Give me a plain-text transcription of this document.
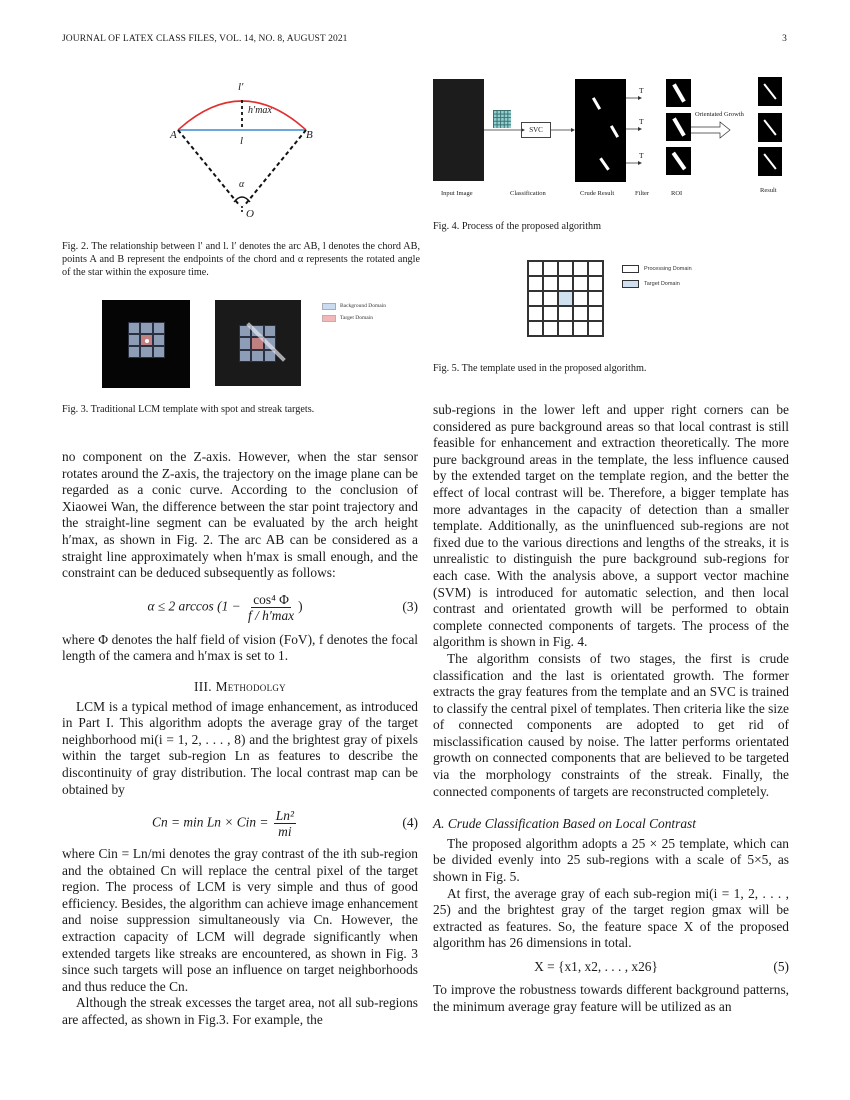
JOURNAL OF LATEX CLASS FILES, VOL. 14, NO. 8, AUGUST 2021	3
l′
h′max
A	B
l
α
O
Fig. 2. The relationship between l′ and l. l′ denotes the arc AB, l denotes the chord AB, points A and B represent the endpoints of the chord and α represents the rotated angle of the star within the exposure time.
Background Domain
Target Domain
Fig. 3. Traditional LCM template with spot and streak targets.
SVC
T
T
T
Orientated Growth
Input Image	Classification	Crude Result	Filter	ROI	Result
Fig. 4. Process of the proposed algorithm
Processing Domain
Target Domain
Fig. 5. The template used in the proposed algorithm.

no component on the Z-axis. However, when the star sensor rotates around the Z-axis, the trajectory on the image plane can be regarded as a conic curve. According to the conclusion of Xiaowei Wan, the difference between the star point trajectory and the straight-line segment can be evaluated by the arch height h′max, as shown in Fig. 2. The arc AB can be considered as a straight line approximately when h′max is small enough, and the constraint can be deduced subsequently as follows:

α ≤ 2 $\arccos (1 - \frac{\text{cos⁴ Φ}}{f / h'\max}$ )	(3)

where Φ denotes the half field of vision (FoV), f denotes the focal length of the camera and h′max is set to 1.

III. Methodolgy

LCM is a typical method of image enhancement, as introduced in Part I. This algorithm adopts the average gray of the target neighborhood mi(i = 1, 2, . . . , 8) and the brightest gray of pixels within the target sub-region Ln as features to describe the discontinuity of gray distribution. The local contrast map can be obtained by

Cn = min Ln × Cin = $\frac{\text{Ln²}}{mi}$	(4)

where Cin = Ln/mi denotes the gray contrast of the ith sub-region and the obtained Cn will replace the central pixel of the target region. The process of LCM is very simple and thus of good efficiency. Besides, the algorithm can achieve image enhancement and noise suppression simultaneously via Cn. However, the extraction capacity of LCM will degrade significantly when extended targets like streaks are encountered, as shown in Fig. 3 since such targets will pose an influence on target neighborhoods and thus reduce the Cn.

Although the streak excesses the target area, not all sub-regions are affected, as shown in Fig.3. For example, the

sub-regions in the lower left and upper right corners can be considered as pure background areas so that local contrast is still feasible for enhancement and extraction theoretically. The more pure background areas in the template, the less influence caused by the extended target on the template region, and the better the effect of local contrast will be. Therefore, a bigger template has more advantages in the capacity of detection than a smaller template. Additionally, as the uninfluenced sub-regions are not fixed due to the various directions and lengths of the streaks, it is unrealistic to distinguish the pure background sub-regions for each case. With the analysis above, a support vector machine (SVM) is introduced for automatic selection, and then local contrast and orientated growth will be performed to obtain complete connected components of targets. The process of the algorithm is shown in Fig. 4.

The algorithm consists of two stages, the first is crude classification and the last is orientated growth. The former extracts the gray features from the template and an SVC is trained to classify the central pixel of templates. Then criteria like the size of connected components are adopted to get rid of misclassification caused by noise. The latter performs orientated growth on connected components that are believed to be targeted via the morphology constraints of the streak. Finally, the connected components of targets are reconstructed completely.

A. Crude Classification Based on Local Contrast

The proposed algorithm adopts a 25 × 25 template, which can be divided evenly into 25 sub-regions with a scale of 5×5, as shown in Fig. 5.

At first, the average gray of each sub-region mi(i = 1, 2, . . . , 25) and the brightest gray of the target region gmax will be extracted as features. So, the feature space X of the proposed algorithm has 26 dimensions in total.

X = {x1, x2, . . . , x26}	(5)

To improve the robustness towards different background patterns, the minimum average gray feature will be utilized as an
